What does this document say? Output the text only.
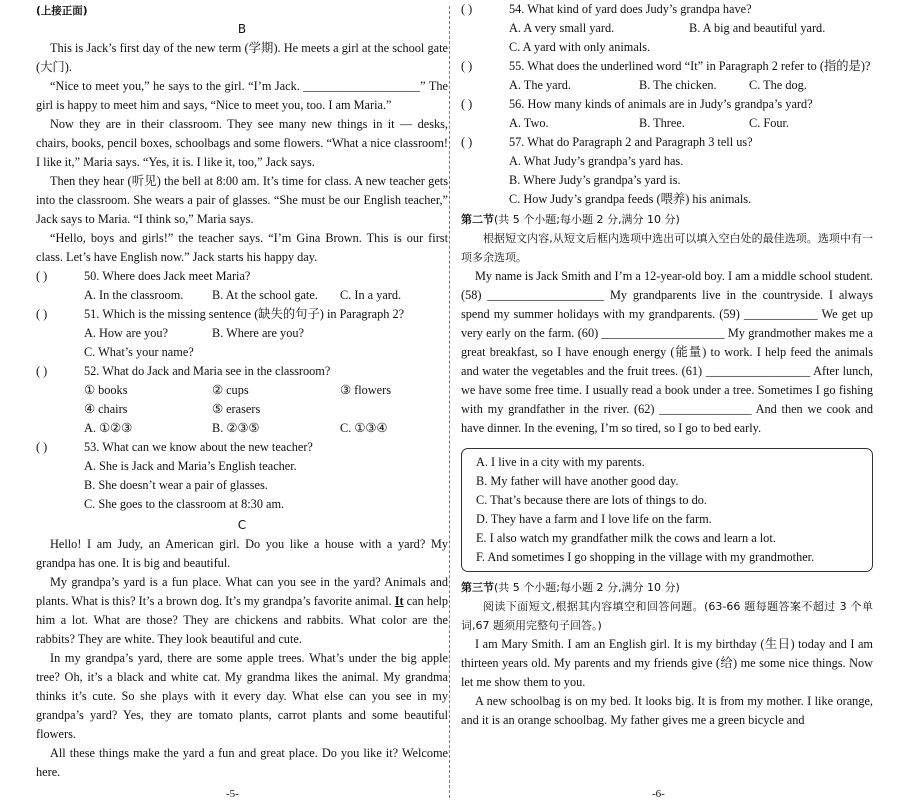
(上接正面)
B

This is Jack’s first day of the new term (学期). He meets a girl at the school gate (大门).

“Nice to meet you,” he says to the girl. “I’m Jack. ___________________” The girl is happy to meet him and says, “Nice to meet you, too. I am Maria.”

Now they are in their classroom. They see many new things in it — desks, chairs, books, pencil boxes, schoolbags and some flowers. “What a nice classroom! I like it,” Maria says. “Yes, it is. I like it, too,” Jack says.

Then they hear (听见) the bell at 8:00 am. It’s time for class. A new teacher gets into the classroom. She wears a pair of glasses. “She must be our English teacher,” Jack says to Maria. “I think so,” Maria says.

“Hello, boys and girls!” the teacher says. “I’m Gina Brown. This is our first class. Let’s have English now.” Jack starts his happy day.

( )	50. Where does Jack meet Maria?
A. In the classroom.	B. At the school gate.	C. In a yard.
( )	51. Which is the missing sentence (缺失的句子) in Paragraph 2?
A. How are you?	B. Where are you?
C. What’s your name?
( )	52. What do Jack and Maria see in the classroom?
① books	② cups	③ flowers
④ chairs	⑤ erasers
A. ①②③	B. ②③⑤	C. ①③④
( )	53. What can we know about the new teacher?
A. She is Jack and Maria’s English teacher.
B. She doesn’t wear a pair of glasses.
C. She goes to the classroom at 8:30 am.
C

Hello! I am Judy, an American girl. Do you like a house with a yard? My grandpa has one. It is big and beautiful.

My grandpa’s yard is a fun place. What can you see in the yard? Animals and plants. What is this? It’s a brown dog. It’s my grandpa’s favorite animal. It can help him a lot. What are those? They are chickens and rabbits. What color are the rabbits? They are white. They look beautiful and cute.

In my grandpa’s yard, there are some apple trees. What’s under the big apple tree? Oh, it’s a black and white cat. My grandma likes the animal. My grandma thinks it’s cute. So she plays with it every day. What else can you see in my grandpa’s yard? Yes, they are tomato plants, carrot plants and some beautiful flowers.

All these things make the yard a fun and great place. Do you like it? Welcome here.

( )	54. What kind of yard does Judy’s grandpa have?
A. A very small yard.	B. A big and beautiful yard.
C. A yard with only animals.
( )	55. What does the underlined word “It” in Paragraph 2 refer to (指的是)?
A. The yard.	B. The chicken.	C. The dog.
( )	56. How many kinds of animals are in Judy’s grandpa’s yard?
A. Two.	B. Three.	C. Four.
( )	57. What do Paragraph 2 and Paragraph 3 tell us?
A. What Judy’s grandpa’s yard has.
B. Where Judy’s grandpa’s yard is.
C. How Judy’s grandpa feeds (喂养) his animals.
第二节(共 5 个小题;每小题 2 分,满分 10 分)
根据短文内容,从短文后框内选项中选出可以填入空白处的最佳选项。选项中有一项多余选项。

My name is Jack Smith and I’m a 12-year-old boy. I am a middle school student. (58) ___________________ My grandparents live in the countryside. I always spend my summer holidays with my grandparents. (59) ____________ We get up very early on the farm. (60) ____________________ My grandmother makes me a great breakfast, so I have enough energy (能量) to work. I help feed the animals and water the vegetables and the fruit trees. (61) _________________ After lunch, we have some free time. I usually read a book under a tree. Sometimes I go fishing with my grandfather in the river. (62) _______________ And then we cook and have dinner. In the evening, I’m so tired, so I go to bed early.

A. I live in a city with my parents.
B. My father will have another good day.
C. That’s because there are lots of things to do.
D. They have a farm and I love life on the farm.
E. I also watch my grandfather milk the cows and learn a lot.
F. And sometimes I go shopping in the village with my grandmother.
第三节(共 5 个小题;每小题 2 分,满分 10 分)
阅读下面短文,根据其内容填空和回答问题。(63-66 题每题答案不超过 3 个单词,67 题须用完整句子回答。)

I am Mary Smith. I am an English girl. It is my birthday (生日) today and I am thirteen years old. My parents and my friends give (给) me some nice things. Now let me show them to you.

A new schoolbag is on my bed. It looks big. It is from my mother. I like orange, and it is an orange schoolbag. My father gives me a green bicycle and

-5-	-6-
